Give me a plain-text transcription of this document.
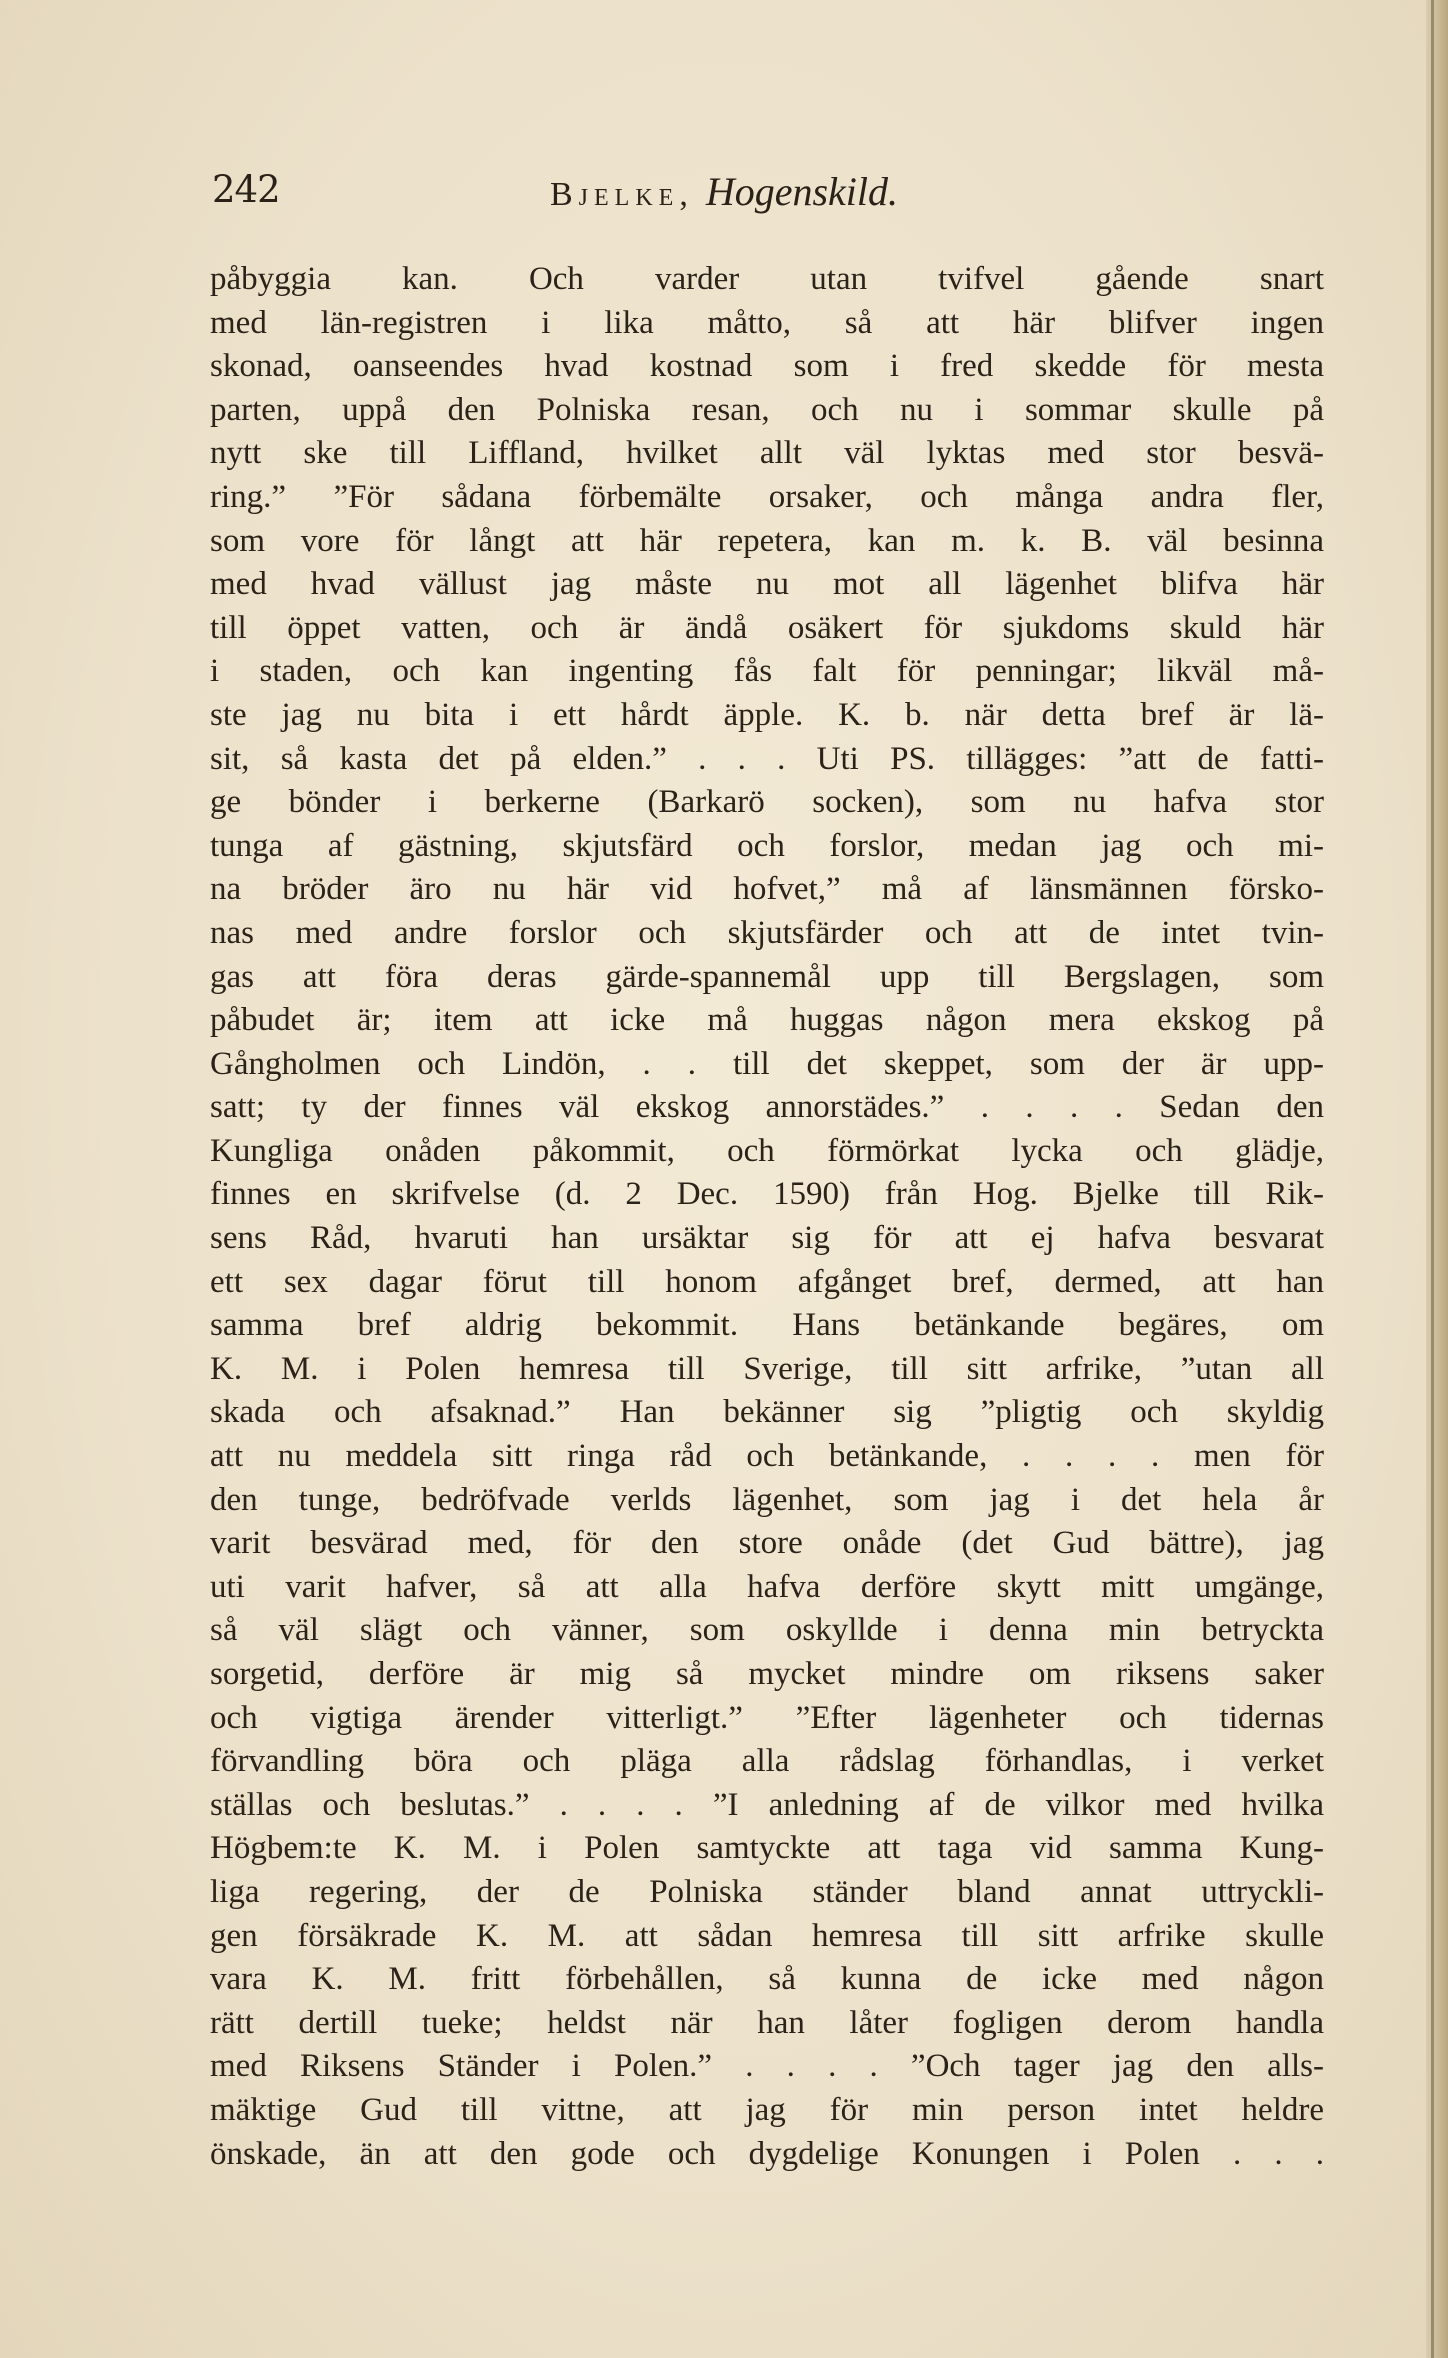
242	Bjelke, Hogenskild.
påbyggia kan. Och varder utan tvifvel gående snart
med län-registren i lika måtto, så att här blifver ingen
skonad, oanseendes hvad kostnad som i fred skedde för mesta
parten, uppå den Polniska resan, och nu i sommar skulle på
nytt ske till Liffland, hvilket allt väl lyktas med stor besvä-
ring.” ”För sådana förbemälte orsaker, och många andra fler,
som vore för långt att här repetera, kan m. k. B. väl besinna
med hvad vällust jag måste nu mot all lägenhet blifva här
till öppet vatten, och är ändå osäkert för sjukdoms skuld här
i staden, och kan ingenting fås falt för penningar; likväl må-
ste jag nu bita i ett hårdt äpple. K. b. när detta bref är lä-
sit, så kasta det på elden.” . . . Uti PS. tillägges: ”att de fatti-
ge bönder i berkerne (Barkarö socken), som nu hafva stor
tunga af gästning, skjutsfärd och forslor, medan jag och mi-
na bröder äro nu här vid hofvet,” må af länsmännen försko-
nas med andre forslor och skjutsfärder och att de intet tvin-
gas att föra deras gärde-spannemål upp till Bergslagen, som
påbudet är; item att icke må huggas någon mera ekskog på
Gångholmen och Lindön, . . till det skeppet, som der är upp-
satt; ty der finnes väl ekskog annorstädes.” . . . . Sedan den
Kungliga onåden påkommit, och förmörkat lycka och glädje,
finnes en skrifvelse (d. 2 Dec. 1590) från Hog. Bjelke till Rik-
sens Råd, hvaruti han ursäktar sig för att ej hafva besvarat
ett sex dagar förut till honom afgånget bref, dermed, att han
samma bref aldrig bekommit. Hans betänkande begäres, om
K. M. i Polen hemresa till Sverige, till sitt arfrike, ”utan all
skada och afsaknad.” Han bekänner sig ”pligtig och skyldig
att nu meddela sitt ringa råd och betänkande, . . . . men för
den tunge, bedröfvade verlds lägenhet, som jag i det hela år
varit besvärad med, för den store onåde (det Gud bättre), jag
uti varit hafver, så att alla hafva derföre skytt mitt umgänge,
så väl slägt och vänner, som oskyllde i denna min betryckta
sorgetid, derföre är mig så mycket mindre om riksens saker
och vigtiga ärender vitterligt.” ”Efter lägenheter och tidernas
förvandling böra och pläga alla rådslag förhandlas, i verket
ställas och beslutas.” . . . . ”I anledning af de vilkor med hvilka
Högbem:te K. M. i Polen samtyckte att taga vid samma Kung-
liga regering, der de Polniska ständer bland annat uttryckli-
gen försäkrade K. M. att sådan hemresa till sitt arfrike skulle
vara K. M. fritt förbehållen, så kunna de icke med någon
rätt dertill tueke; heldst när han låter fogligen derom handla
med Riksens Ständer i Polen.” . . . . ”Och tager jag den alls-
mäktige Gud till vittne, att jag för min person intet heldre
önskade, än att den gode och dygdelige Konungen i Polen . . .
